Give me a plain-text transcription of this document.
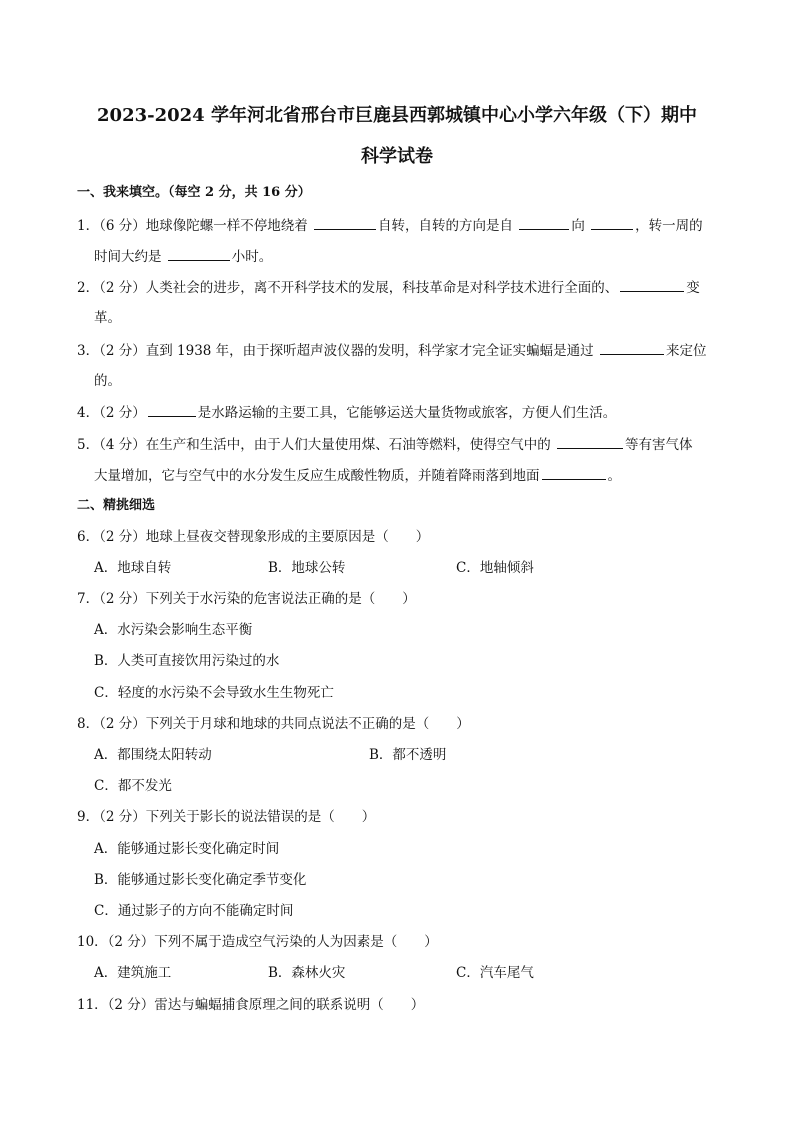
2023-2024 学年河北省邢台市巨鹿县西郭城镇中心小学六年级（下）期中
科学试卷
一、我来填空。（每空 2 分，共 16 分）
1．（6 分）地球像陀螺一样不停地绕着	自转，自转的方向是自	向	，转一周的
时间大约是	小时。
2．（2 分）人类社会的进步，离不开科学技术的发展，科技革命是对科学技术进行全面的、	变
革。
3．（2 分）直到 1938 年，由于探听超声波仪器的发明，科学家才完全证实蝙蝠是通过	来定位
的。
4．（2 分）	是水路运输的主要工具，它能够运送大量货物或旅客，方便人们生活。
5．（4 分）在生产和生活中，由于人们大量使用煤、石油等燃料，使得空气中的	等有害气体
大量增加，它与空气中的水分发生反应生成酸性物质，并随着降雨落到地面	。
二、精挑细选
6．（2 分）地球上昼夜交替现象形成的主要原因是（　　）
A．地球自转	B．地球公转	C．地轴倾斜
7．（2 分）下列关于水污染的危害说法正确的是（　　）
A．水污染会影响生态平衡
B．人类可直接饮用污染过的水
C．轻度的水污染不会导致水生生物死亡
8．（2 分）下列关于月球和地球的共同点说法不正确的是（　　）
A．都围绕太阳转动	B．都不透明
C．都不发光
9．（2 分）下列关于影长的说法错误的是（　　）
A．能够通过影长变化确定时间
B．能够通过影长变化确定季节变化
C．通过影子的方向不能确定时间
10．（2 分）下列不属于造成空气污染的人为因素是（　　）
A．建筑施工	B．森林火灾	C．汽车尾气
11．（2 分）雷达与蝙蝠捕食原理之间的联系说明（　　）
